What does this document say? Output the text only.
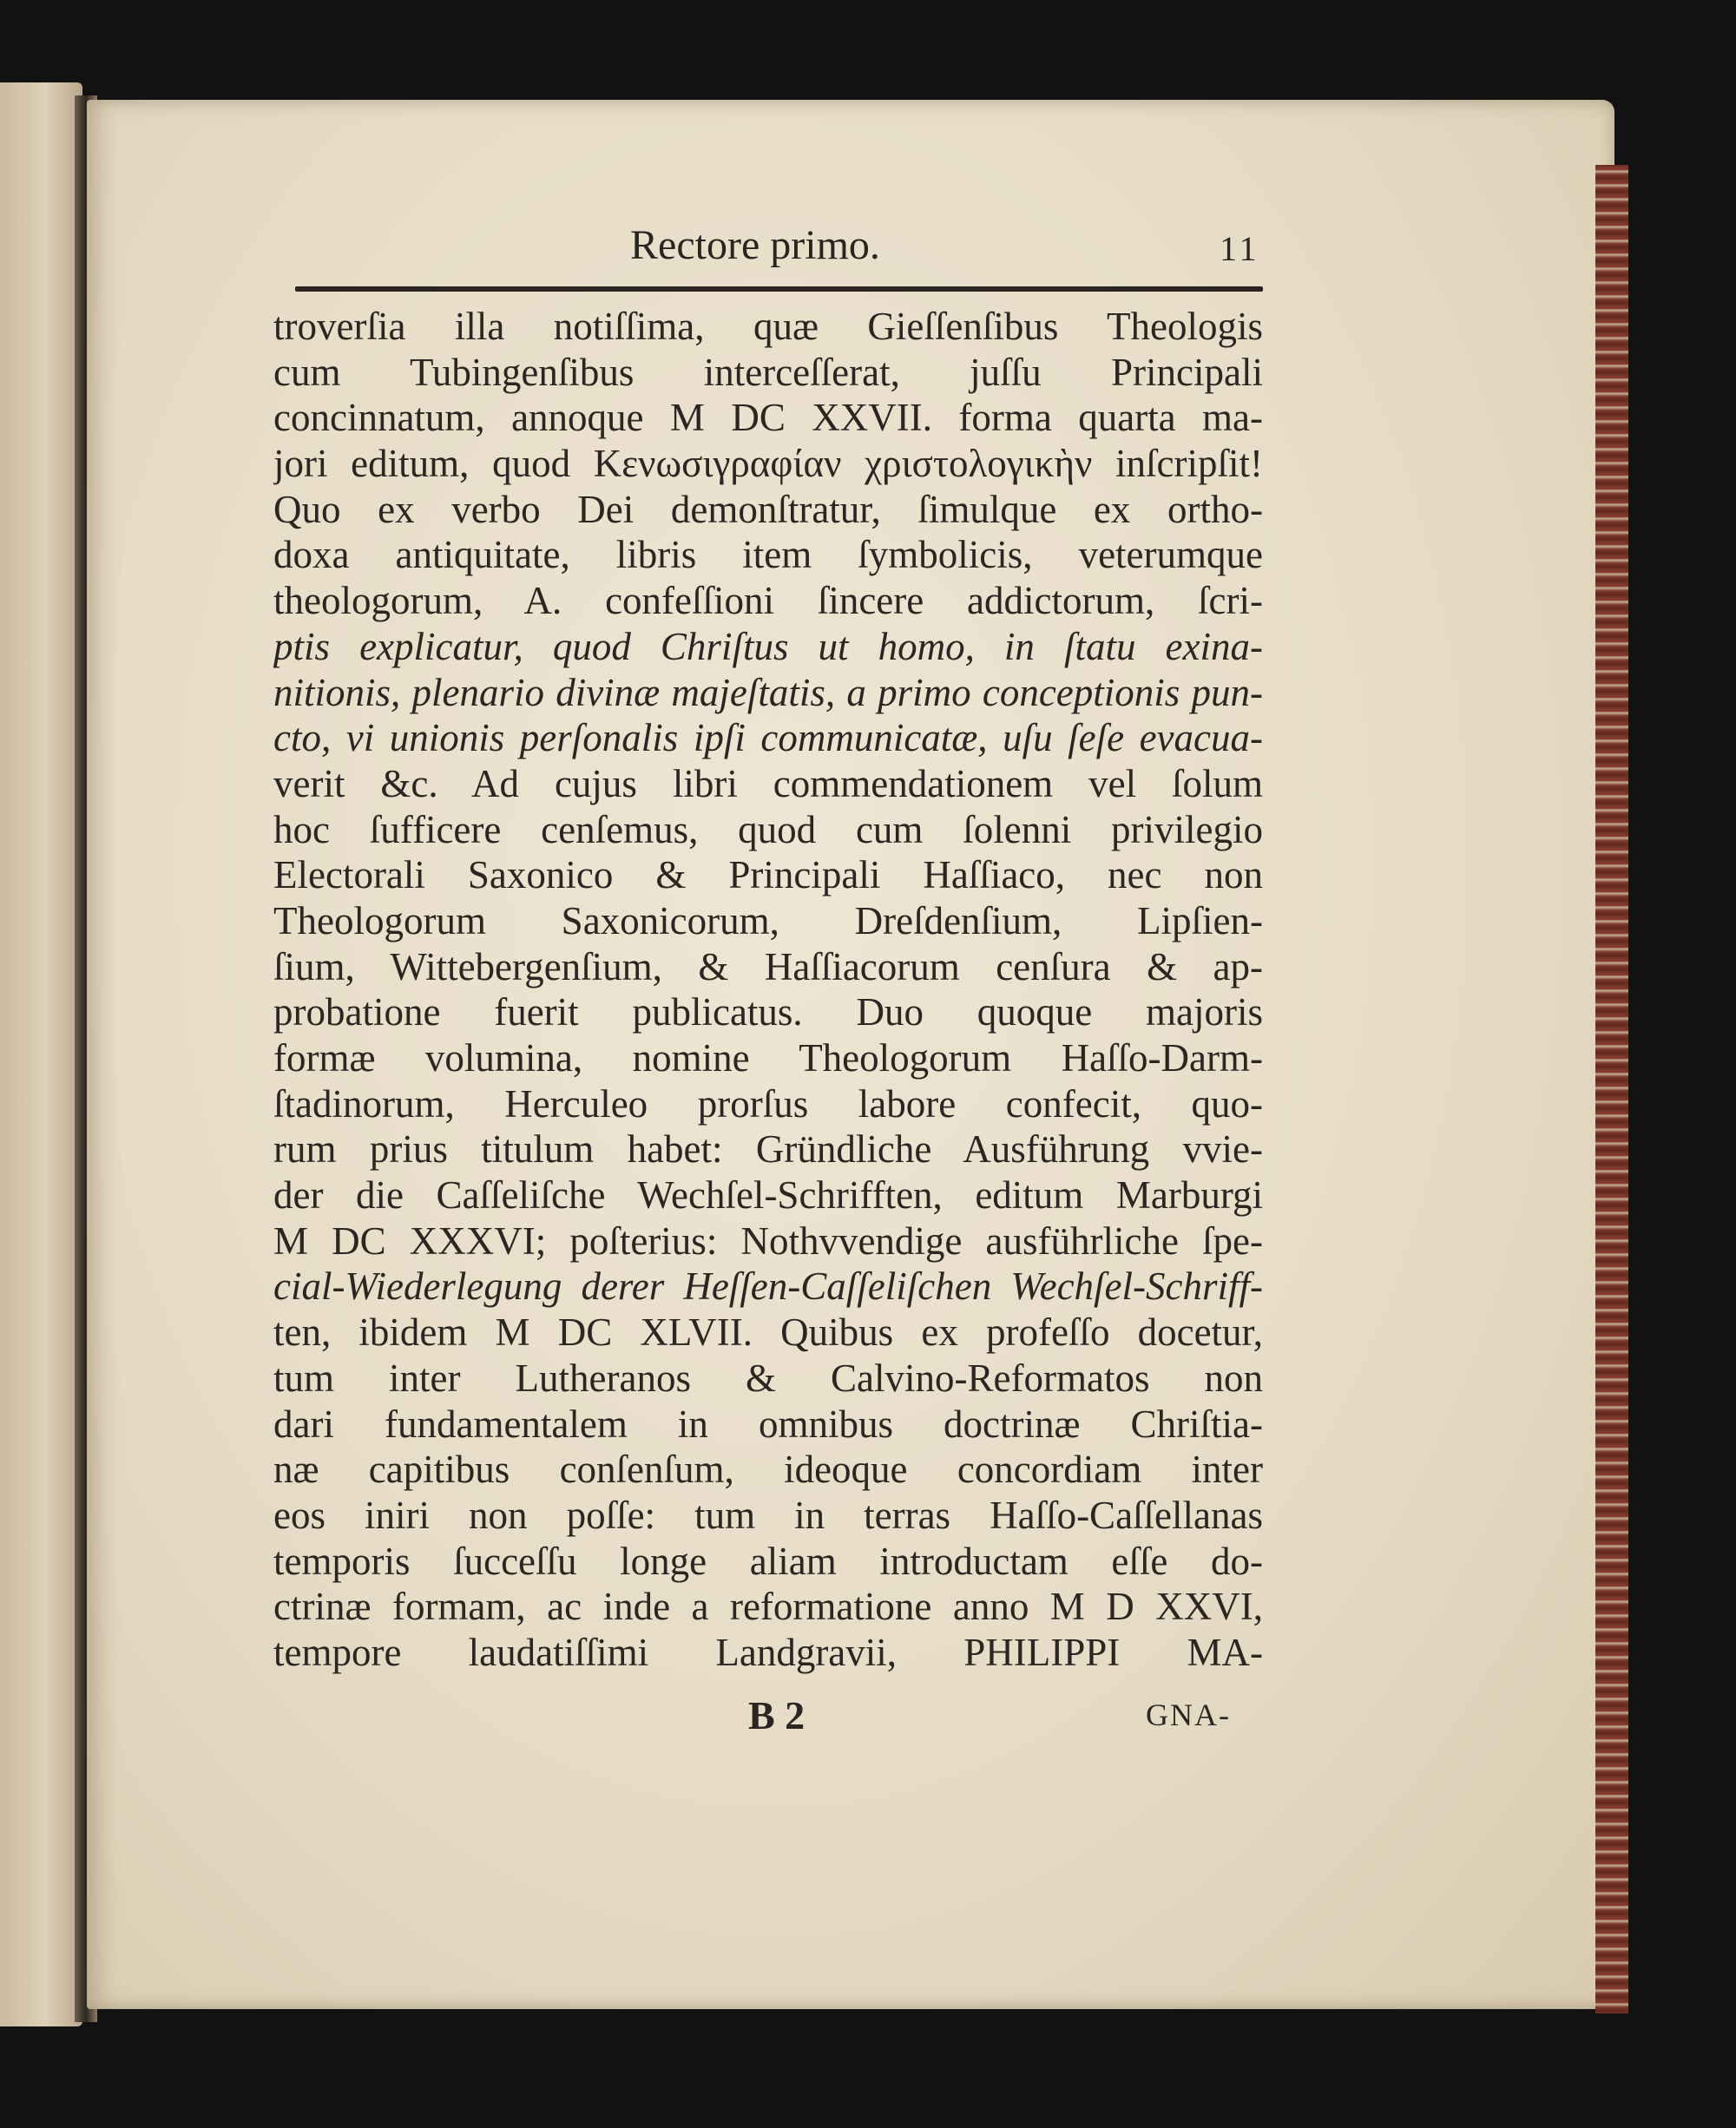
Rectore primo.	11
troverſia illa notiſſima, quæ Gieſſenſibus Theologis
cum Tubingenſibus interceſſerat, juſſu Principali
concinnatum, annoque M DC XXVII. forma quarta ma-
jori editum, quod Κενωσιγραφίαν χριστολογικὴν inſcripſit!
Quo ex verbo Dei demonſtratur, ſimulque ex ortho-
doxa antiquitate, libris item ſymbolicis, veterumque
theologorum, A. confeſſioni ſincere addictorum, ſcri-
ptis explicatur, quod Chriſtus ut homo, in ſtatu exina-
nitionis, plenario divinæ majeſtatis, a primo conceptionis pun-
cto, vi unionis perſonalis ipſi communicatæ, uſu ſeſe evacua-
verit &c. Ad cujus libri commendationem vel ſolum
hoc ſufficere cenſemus, quod cum ſolenni privilegio
Electorali Saxonico & Principali Haſſiaco, nec non
Theologorum Saxonicorum, Dreſdenſium, Lipſien-
ſium, Wittebergenſium, & Haſſiacorum cenſura & ap-
probatione fuerit publicatus. Duo quoque majoris
formæ volumina, nomine Theologorum Haſſo-Darm-
ſtadinorum, Herculeo prorſus labore confecit, quo-
rum prius titulum habet: Gründliche Ausführung vvie-
der die Caſſeliſche Wechſel-Schrifften, editum Marburgi
M DC XXXVI; poſterius: Nothvvendige ausführliche ſpe-
cial-Wiederlegung derer Heſſen-Caſſeliſchen Wechſel-Schriff-
ten, ibidem M DC XLVII. Quibus ex profeſſo docetur,
tum inter Lutheranos & Calvino-Reformatos non
dari fundamentalem in omnibus doctrinæ Chriſtia-
næ capitibus conſenſum, ideoque concordiam inter
eos iniri non poſſe: tum in terras Haſſo-Caſſellanas
temporis ſucceſſu longe aliam introductam eſſe do-
ctrinæ formam, ac inde a reformatione anno M D XXVI,
tempore laudatiſſimi Landgravii, PHILIPPI MA-
B 2	GNA-
